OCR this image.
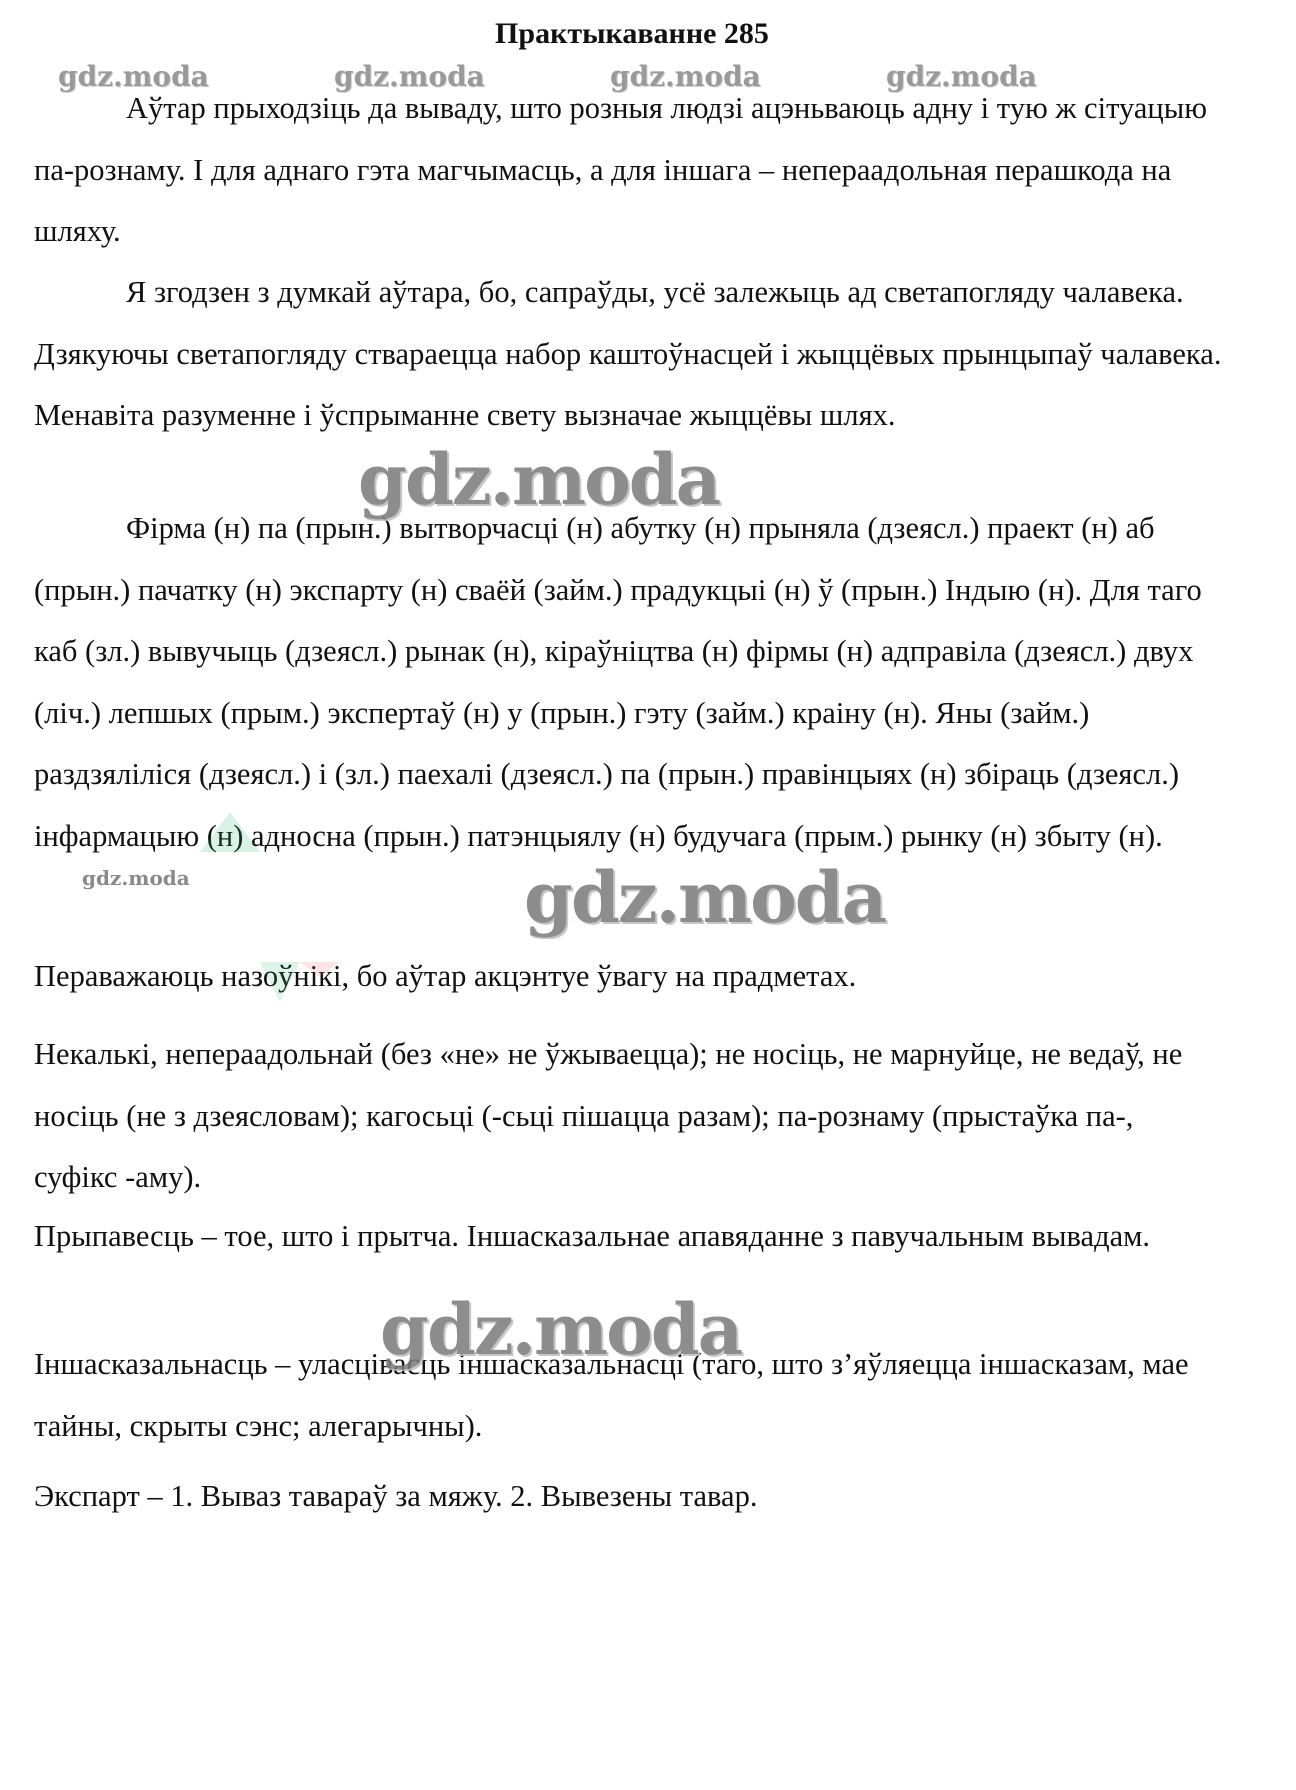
Практыкаванне 285
gdz.moda	gdz.moda	gdz.moda	gdz.moda

Аўтар прыходзіць да вываду, што розныя людзі ацэньваюць адну і тую ж сітуацыю па-рознаму. І для аднаго гэта магчымасць, а для іншага – непераадольная перашкода на шляху.

Я згодзен з думкай аўтара, бо, сапраўды, усё залежыць ад светапогляду чалавека. Дзякуючы светапогляду ствараецца набор каштоўнасцей і жыццёвых прынцыпаў чалавека. Менавіта разуменне і ўспрыманне свету вызначае жыццёвы шлях.

Фірма (н) па (прын.) вытворчасці (н) абутку (н) прыняла (дзеясл.) праект (н) аб (прын.) пачатку (н) экспарту (н) сваёй (займ.) прадукцыі (н) ў (прын.) Індыю (н). Для таго каб (зл.) вывучыць (дзеясл.) рынак (н), кіраўніцтва (н) фірмы (н) адправіла (дзеясл.) двух (ліч.) лепшых (прым.) экспертаў (н) у (прын.) гэту (займ.) краіну (н). Яны (займ.) раздзяліліся (дзеясл.) і (зл.) паехалі (дзеясл.) па (прын.) правінцыях (н) збіраць (дзеясл.) інфармацыю (н) адносна (прын.) патэнцыялу (н) будучага (прым.) рынку (н) збыту (н).

Пераважаюць назоўнікі, бо аўтар акцэнтуе ўвагу на прадметах.

Некалькі, непераадольнай (без «не» не ўжываецца); не носіць, не марнуйце, не ведаў, не носіць (не з дзеясловам); кагосьці (-сьці пішацца разам); па-рознаму (прыстаўка па-, суфікс -аму).

Прыпавесць – тое, што і прытча. Іншасказальнае апавяданне з павучальным вывадам.

Іншасказальнасць – уласцівасць іншасказальнасці (таго, што з’яўляецца іншасказам, мае тайны, скрыты сэнс; алегарычны).

Экспарт – 1. Вываз тавараў за мяжу. 2. Вывезены тавар.

gdz.moda
gdz.moda
gdz.moda
gdz.moda
